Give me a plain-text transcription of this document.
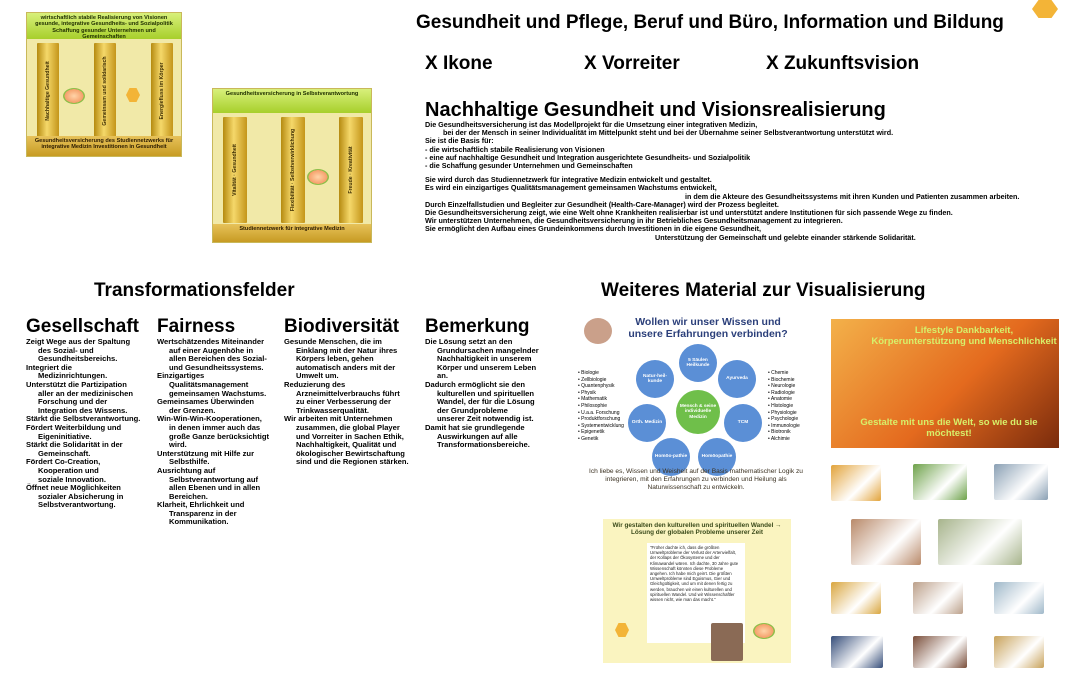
wirtschaftlich stabile Realisierung von Visionen gesunde, integrative Gesundheits- und Sozialpolitik Schaffung gesunder Unternehmen und Gemeinschaften
Nachhaltige Gesundheit	Gemeinsam und solidarisch	Energiefluss im Körper
Gesundheitsversicherung des Studiennetzwerks für integrative Medizin Investitionen in Gesundheit
Gesundheitsversicherung in Selbstverantwortung
Vitalität · Gesundheit	Flexibilität · Selbstverwirklichung	Freude · Kreativität
Studiennetzwerk für integrative Medizin
Gesundheit und Pflege, Beruf und Büro, Information und Bildung
X Ikone	X Vorreiter	X Zukunftsvision
Nachhaltige Gesundheit und Visionsrealisierung
Die Gesundheitsversicherung ist das Modellprojekt für die Umsetzung einer integrativen Medizin,
bei der der Mensch in seiner Individualität im Mittelpunkt steht und bei der Übernahme seiner Selbstverantwortung unterstützt wird.
Sie ist die Basis für:
- die wirtschaftlich stabile Realisierung von Visionen
- eine auf nachhaltige Gesundheit und Integration ausgerichtete Gesundheits- und Sozialpolitik
- die Schaffung gesunder Unternehmen und Gemeinschaften
Sie wird durch das Studiennetzwerk für integrative Medizin entwickelt und gestaltet.
Es wird ein einzigartiges Qualitätsmanagement gemeinsamen Wachstums entwickelt,
in dem die Akteure des Gesundheitssystems mit ihren Kunden und Patienten zusammen arbeiten.
Durch Einzelfallstudien und Begleiter zur Gesundheit (Health-Care-Manager) wird der Prozess begleitet.
Die Gesundheitsversicherung zeigt, wie eine Welt ohne Krankheiten realisierbar ist und unterstützt andere Institutionen für sich passende Wege zu finden.
Wir unterstützen Unternehmen, die Gesundheitsversicherung in ihr Betriebliches Gesundheitsmanagement zu integrieren.
Sie ermöglicht den Aufbau eines Grundeinkommens durch Investitionen in die eigene Gesundheit,
Unterstützung der Gemeinschaft und gelebte einander stärkende Solidarität.
Transformationsfelder
Gesellschaft
Zeigt Wege aus der Spaltung
des Sozial- und
Gesundheitsbereichs.
Integriert die
Medizinrichtungen.
Unterstützt die Partizipation
aller an der medizinischen
Forschung und der
Integration des Wissens.
Stärkt die Selbstverantwortung.
Fördert Weiterbildung und
Eigeninitiative.
Stärkt die Solidarität in der
Gemeinschaft.
Fördert Co-Creation,
Kooperation und
soziale Innovation.
Öffnet neue Möglichkeiten
sozialer Absicherung in
Selbstverantwortung.
Fairness
Wertschätzendes Miteinander
auf einer Augenhöhe in
allen Bereichen des Sozial-
und Gesundheitssystems.
Einzigartiges
Qualitätsmanagement
gemeinsamen Wachstums.
Gemeinsames Überwinden
der Grenzen.
Win-Win-Win-Kooperationen,
in denen immer auch das
große Ganze berücksichtigt
wird.
Unterstützung mit Hilfe zur
Selbsthilfe.
Ausrichtung auf
Selbstverantwortung auf
allen Ebenen und in allen
Bereichen.
Klarheit, Ehrlichkeit und
Transparenz in der
Kommunikation.
Biodiversität
Gesunde Menschen, die im
Einklang mit der Natur ihres
Körpers leben, gehen
automatisch anders mit der
Umwelt um.
Reduzierung des
Arzneimittelverbrauchs führt
zu einer Verbesserung der
Trinkwasserqualität.
Wir arbeiten mit Unternehmen
zusammen, die global Player
und Vorreiter in Sachen Ethik,
Nachhaltigkeit, Qualität und
ökologischer Bewirtschaftung
sind und die Regionen stärken.
Bemerkung
Die Lösung setzt an den
Grundursachen mangelnder
Nachhaltigkeit in unserem
Körper und unserem Leben
an.
Dadurch ermöglicht sie den
kulturellen und spirituellen
Wandel, der für die Lösung
der Grundprobleme
unserer Zeit notwendig ist.
Damit hat sie grundlegende
Auswirkungen auf alle
Transformationsbereiche.
Weiteres Material zur Visualisierung
Wollen wir unser Wissen und unsere Erfahrungen verbinden?
Mensch & seine individuelle Medizin
5 Säulen Heilkunde
Ayurveda
TCM
Homöopathie
Homöo-pathie
Orth. Medizin
Natur-heil-kunde
• Biologie
• Zellbiologie
• Quantenphysik
• Physik
• Mathematik
• Philosophie
• U.a.a. Forschung
• Produktforschung
• Systementwicklung
• Epigenetik
• Genetik
• Chemie
• Biochemie
• Neurologie
• Radiologie
• Anatomie
• Histologie
• Physiologie
• Psychologie
• Immunologie
• Biotronik
• Alchimie
Ich liebe es, Wissen und Weisheit auf der Basis mathematischer Logik zu integrieren, mit den Erfahrungen zu verbinden und Heilung als Naturwissenschaft zu entwickeln.
Lifestyle Dankbarkeit, Körperunterstützung und Menschlichkeit
Gestalte mit uns die Welt, so wie du sie möchtest!
Wir gestalten den kulturellen und spirituellen Wandel → Lösung der globalen Probleme unserer Zeit
"Früher dachte ich, dass die größten Umweltprobleme der Verlust der Artenvielfalt, der Kollaps der Ökosysteme und der Klimawandel wären. Ich dachte, 30 Jahre gute Wissenschaft könnten diese Probleme angehen. Ich habe mich geirrt. Die größten Umweltprobleme sind Egoismus, Gier und Gleichgültigkeit, und um mit denen fertig zu werden, brauchen wir einen kulturellen und spirituellen Wandel. Und wir Wissenschaftler wissen nicht, wie man das macht."
